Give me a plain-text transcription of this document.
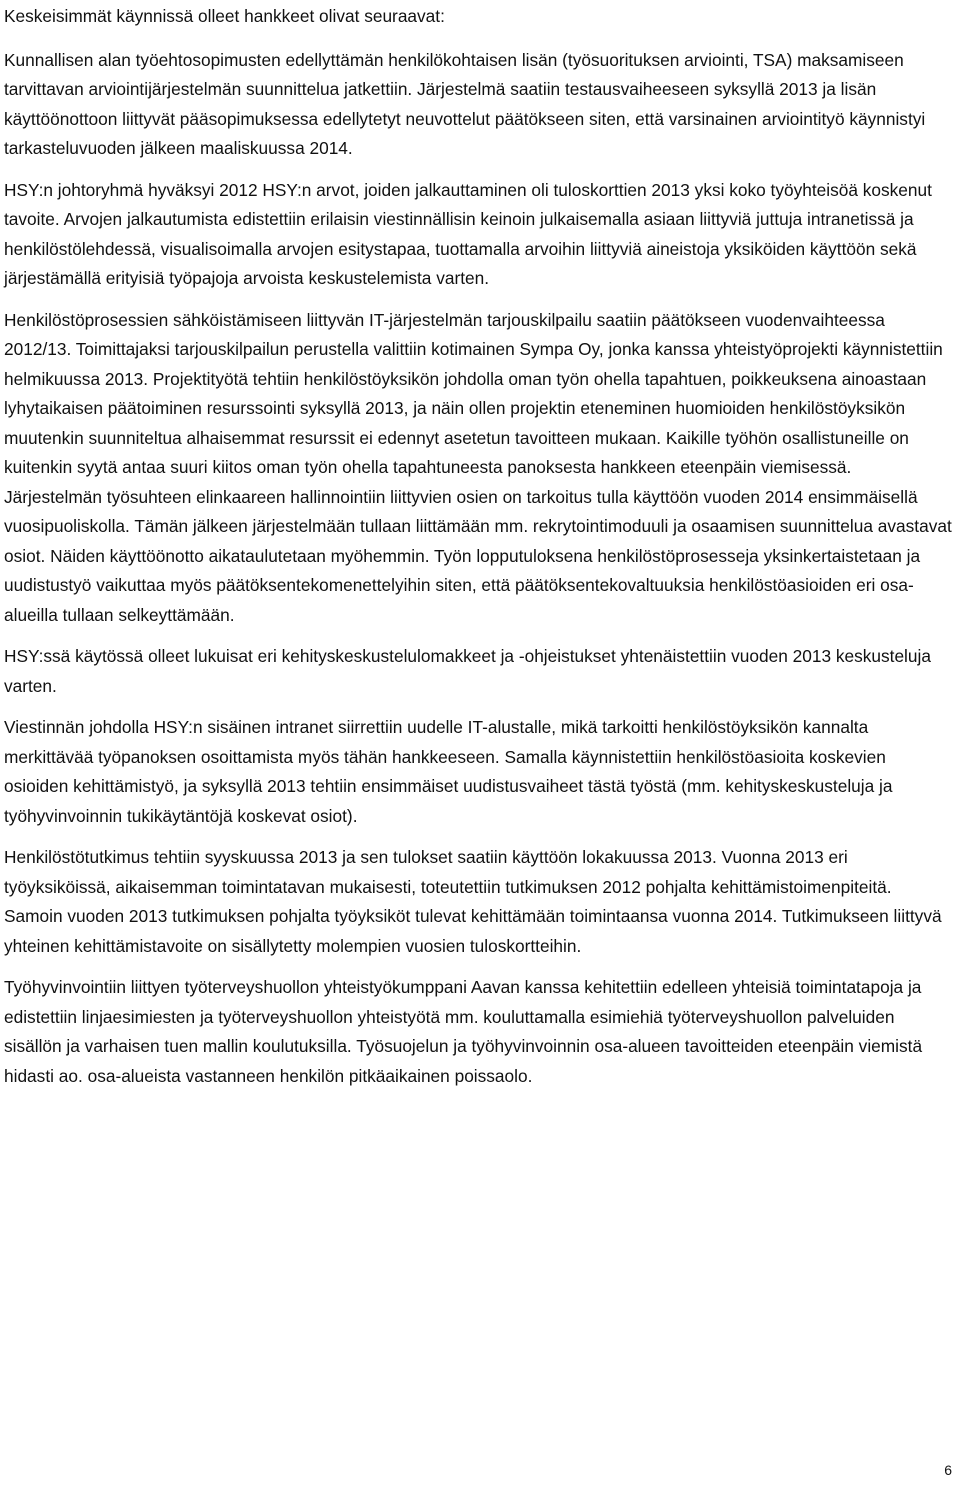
Keskeisimmät käynnissä olleet hankkeet olivat seuraavat:

Kunnallisen alan työehtosopimusten edellyttämän henkilökohtaisen lisän (työsuorituksen arviointi, TSA) maksamiseen tarvittavan arviointijärjestelmän suunnittelua jatkettiin. Järjestelmä saatiin testausvaiheeseen syksyllä 2013 ja lisän käyttöönottoon liittyvät pääsopimuksessa edellytetyt neuvottelut päätökseen siten, että varsinainen arviointityö käynnistyi tarkasteluvuoden jälkeen maaliskuussa 2014.

HSY:n johtoryhmä hyväksyi 2012 HSY:n arvot, joiden jalkauttaminen oli tuloskorttien 2013 yksi koko työyhteisöä koskenut tavoite. Arvojen jalkautumista edistettiin erilaisin viestinnällisin keinoin julkaisemalla asiaan liittyviä juttuja intranetissä ja henkilöstölehdessä, visualisoimalla arvojen esitystapaa, tuottamalla arvoihin liittyviä aineistoja yksiköiden käyttöön sekä järjestämällä erityisiä työpajoja arvoista keskustelemista varten.

Henkilöstöprosessien sähköistämiseen liittyvän IT-järjestelmän tarjouskilpailu saatiin päätökseen vuodenvaihteessa 2012/13. Toimittajaksi tarjouskilpailun perustella valittiin kotimainen Sympa Oy, jonka kanssa yhteistyöprojekti käynnistettiin helmikuussa 2013. Projektityötä tehtiin henkilöstöyksikön johdolla oman työn ohella tapahtuen, poikkeuksena ainoastaan lyhytaikaisen päätoiminen resurssointi syksyllä 2013, ja näin ollen projektin eteneminen huomioiden henkilöstöyksikön muutenkin suunniteltua alhaisemmat resurssit ei edennyt asetetun tavoitteen mukaan. Kaikille työhön osallistuneille on kuitenkin syytä antaa suuri kiitos oman työn ohella tapahtuneesta panoksesta hankkeen eteenpäin viemisessä. Järjestelmän työsuhteen elinkaareen hallinnointiin liittyvien osien on tarkoitus tulla käyttöön vuoden 2014 ensimmäisellä vuosipuoliskolla. Tämän jälkeen järjestelmään tullaan liittämään mm. rekrytointimoduuli ja osaamisen suunnittelua avastavat osiot. Näiden käyttöönotto aikataulutetaan myöhemmin. Työn lopputuloksena henkilöstöprosesseja yksinkertaistetaan ja uudistustyö vaikuttaa myös päätöksentekomenettelyihin siten, että päätöksentekovaltuuksia henkilöstöasioiden eri osa-alueilla tullaan selkeyttämään.

HSY:ssä käytössä olleet lukuisat eri kehityskeskustelulomakkeet ja -ohjeistukset yhtenäistettiin vuoden 2013 keskusteluja varten.

Viestinnän johdolla HSY:n sisäinen intranet siirrettiin uudelle IT-alustalle, mikä tarkoitti henkilöstöyksikön kannalta merkittävää työpanoksen osoittamista myös tähän hankkeeseen. Samalla käynnistettiin henkilöstöasioita koskevien osioiden kehittämistyö, ja syksyllä 2013 tehtiin ensimmäiset uudistusvaiheet tästä työstä (mm. kehityskeskusteluja ja työhyvinvoinnin tukikäytäntöjä koskevat osiot).

Henkilöstötutkimus tehtiin syyskuussa 2013 ja sen tulokset saatiin käyttöön lokakuussa 2013. Vuonna 2013 eri työyksiköissä, aikaisemman toimintatavan mukaisesti, toteutettiin tutkimuksen 2012 pohjalta kehittämistoimenpiteitä. Samoin vuoden 2013 tutkimuksen pohjalta työyksiköt tulevat kehittämään toimintaansa vuonna 2014. Tutkimukseen liittyvä yhteinen kehittämistavoite on sisällytetty molempien vuosien tuloskortteihin.

Työhyvinvointiin liittyen työterveyshuollon yhteistyökumppani Aavan kanssa kehitettiin edelleen yhteisiä toimintatapoja ja edistettiin linjaesimiesten ja työterveyshuollon yhteistyötä mm. kouluttamalla esimiehiä työterveyshuollon palveluiden sisällön ja varhaisen tuen mallin koulutuksilla. Työsuojelun ja työhyvinvoinnin osa-alueen tavoitteiden eteenpäin viemistä hidasti ao. osa-alueista vastanneen henkilön pitkäaikainen poissaolo.

6
